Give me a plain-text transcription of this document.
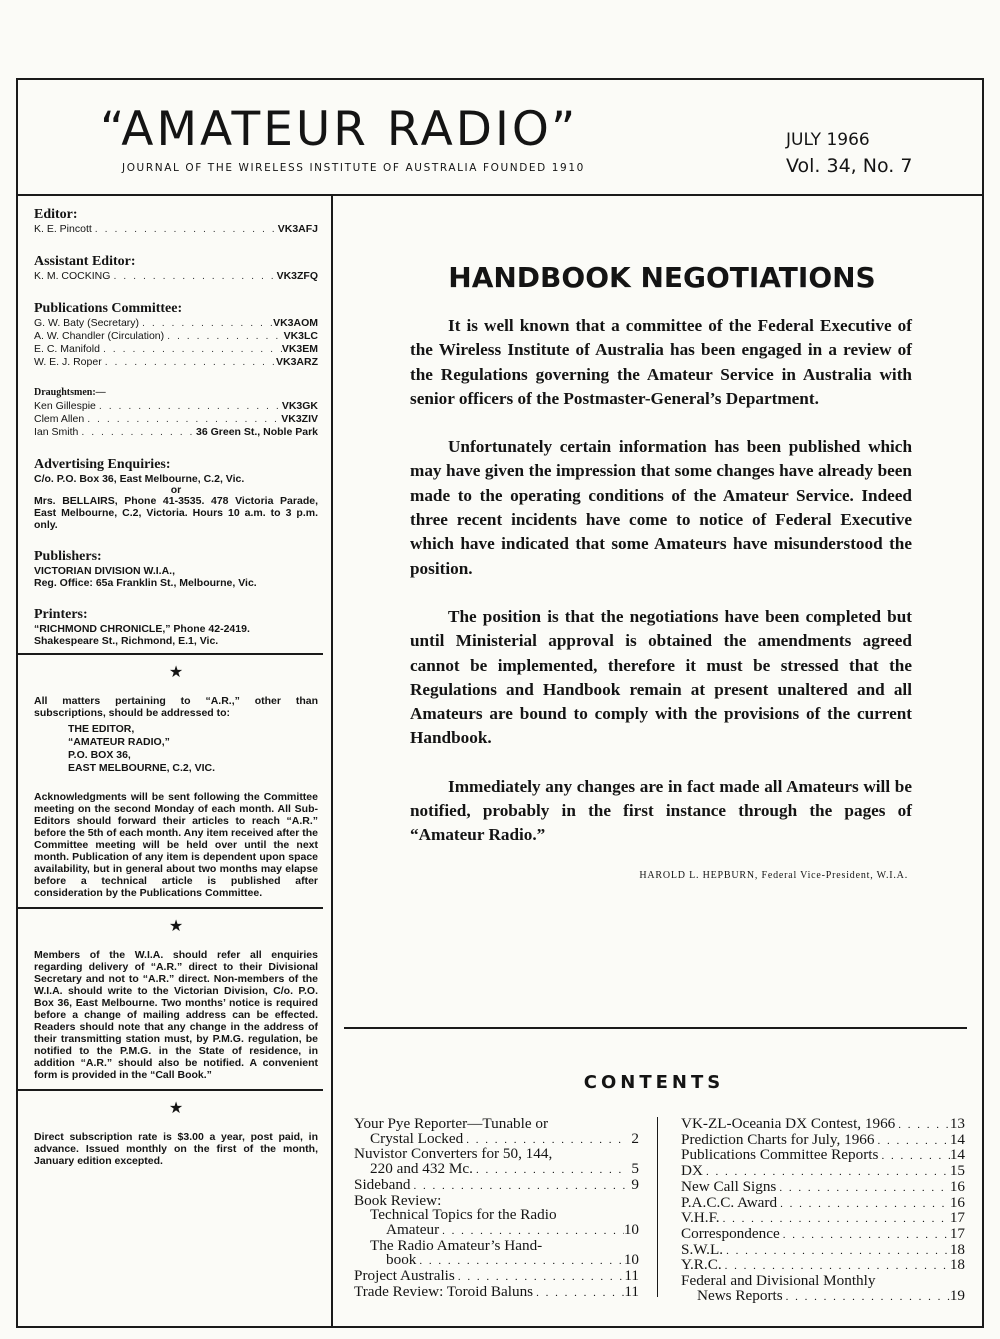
“AMATEUR RADIO”
JOURNAL OF THE WIRELESS INSTITUTE OF AUSTRALIA FOUNDED 1910
JULY 1966
Vol. 34, No. 7
Editor:
K. E. Pincott . . .	VK3AFJ
Assistant Editor:
K. M. COCKING . . .	VK3ZFQ
Publications Committee:
G. W. Baty (Secretary) . . .	VK3AOM
A. W. Chandler (Circulation) . . .	VK3LC
E. C. Manifold . . .	VK3EM
W. E. J. Roper . . .	VK3ARZ
Draughtsmen:—
Ken Gillespie . . .	VK3GK
Clem Allen . . .	VK3ZIV
Ian Smith . . .	36 Green St., Noble Park
Advertising Enquiries:
C/o. P.O. Box 36, East Melbourne, C.2, Vic.
or
Mrs. BELLAIRS, Phone 41-3535. 478 Victoria Parade, East Melbourne, C.2, Victoria. Hours 10 a.m. to 3 p.m. only.
Publishers:
VICTORIAN DIVISION W.I.A.,
Reg. Office: 65a Franklin St., Melbourne, Vic.
Printers:
“RICHMOND CHRONICLE,” Phone 42-2419.
Shakespeare St., Richmond, E.1, Vic.
★
All matters pertaining to “A.R.,” other than subscriptions, should be addressed to:
THE EDITOR,
“AMATEUR RADIO,”
P.O. BOX 36,
EAST MELBOURNE, C.2, VIC.
Acknowledgments will be sent following the Committee meeting on the second Monday of each month. All Sub-Editors should forward their articles to reach “A.R.” before the 5th of each month. Any item received after the Committee meeting will be held over until the next month. Publication of any item is dependent upon space availability, but in general about two months may elapse before a technical article is published after consideration by the Publications Committee.
★
Members of the W.I.A. should refer all enquiries regarding delivery of “A.R.” direct to their Divisional Secretary and not to “A.R.” direct. Non-members of the W.I.A. should write to the Victorian Division, C/o. P.O. Box 36, East Melbourne. Two months’ notice is required before a change of mailing address can be effected. Readers should note that any change in the address of their transmitting station must, by P.M.G. regulation, be notified to the P.M.G. in the State of residence, in addition “A.R.” should also be notified. A convenient form is provided in the “Call Book.”
★
Direct subscription rate is $3.00 a year, post paid, in advance. Issued monthly on the first of the month, January edition excepted.
HANDBOOK NEGOTIATIONS

It is well known that a committee of the Federal Executive of the Wireless Institute of Australia has been engaged in a review of the Regulations governing the Amateur Service in Australia with senior officers of the Postmaster-General’s Department.

Unfortunately certain information has been published which may have given the impression that some changes have already been made to the operating conditions of the Amateur Service. Indeed three recent incidents have come to notice of Federal Executive which have indicated that some Amateurs have misunderstood the position.

The position is that the negotiations have been completed but until Ministerial approval is obtained the amendments agreed cannot be implemented, therefore it must be stressed that the Regulations and Handbook remain at present unaltered and all Amateurs are bound to comply with the provisions of the current Handbook.

Immediately any changes are in fact made all Amateurs will be notified, probably in the first instance through the pages of “Amateur Radio.”

HAROLD L. HEPBURN, Federal Vice-President, W.I.A.
CONTENTS
Your Pye Reporter—Tunable or
Crystal Locked . . .	2
Nuvistor Converters for 50, 144,
220 and 432 Mc. . . .	5
Sideband . . .	9
Book Review:
Technical Topics for the Radio
Amateur . . .	10
The Radio Amateur’s Hand-
book . . .	10
Project Australis . . .	11
Trade Review: Toroid Baluns . . .	11
VK-ZL-Oceania DX Contest, 1966 . . .	13
Prediction Charts for July, 1966 . . .	14
Publications Committee Reports . . .	14
DX . . .	15
New Call Signs . . .	16
P.A.C.C. Award . . .	16
V.H.F. . . .	17
Correspondence . . .	17
S.W.L. . . .	18
Y.R.C. . . .	18
Federal and Divisional Monthly
News Reports . . .	19
